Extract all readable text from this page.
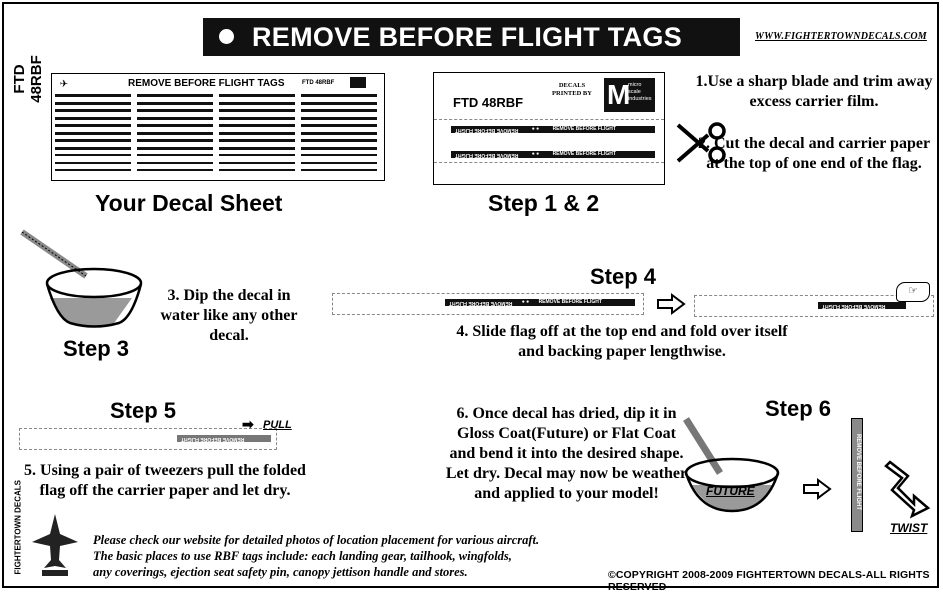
FTD 48RBF
REMOVE BEFORE FLIGHT TAGS	WWW.FIGHTERTOWNDECALS.COM
✈	REMOVE BEFORE FLIGHT TAGS	FTD 48RBF
Your Decal Sheet
FTD 48RBF
DECALS PRINTED BY M
micro scale industries
REMOVE BEFORE FLIGHT	● ●	REMOVE BEFORE FLIGHT
REMOVE BEFORE FLIGHT	● ●	REMOVE BEFORE FLIGHT
Step 1 & 2
1.Use a sharp blade and trim away excess carrier film.
2. Cut the decal and carrier paper at the top of one end of the flag.
3. Dip the decal in water like any other decal.
Step 3
Step 4
REMOVE BEFORE FLIGHT ● ● REMOVE BEFORE FLIGHT
REMOVE BEFORE FLIGHT
☞
4. Slide flag off at the top end and fold over itself and backing paper lengthwise.
Step 5
REMOVE BEFORE FLIGHT
➡ PULL
5. Using a pair of tweezers pull the folded flag off the carrier paper and let dry.
6. Once decal has dried, dip it in Gloss Coat(Future) or Flat Coat and bend it into the desired shape. Let dry. Decal may now be weather and applied to your model!
Step 6
FUTURE	REMOVE BEFORE FLIGHT
TWIST
FIGHTERTOWN DECALS	Please check our website for detailed photos of location placement for various aircraft.
The basic places to use RBF tags include: each landing gear, tailhook, wingfolds,
any coverings, ejection seat safety pin, canopy jettison handle and stores.	©COPYRIGHT 2008-2009 FIGHTERTOWN DECALS-ALL RIGHTS RESERVED
